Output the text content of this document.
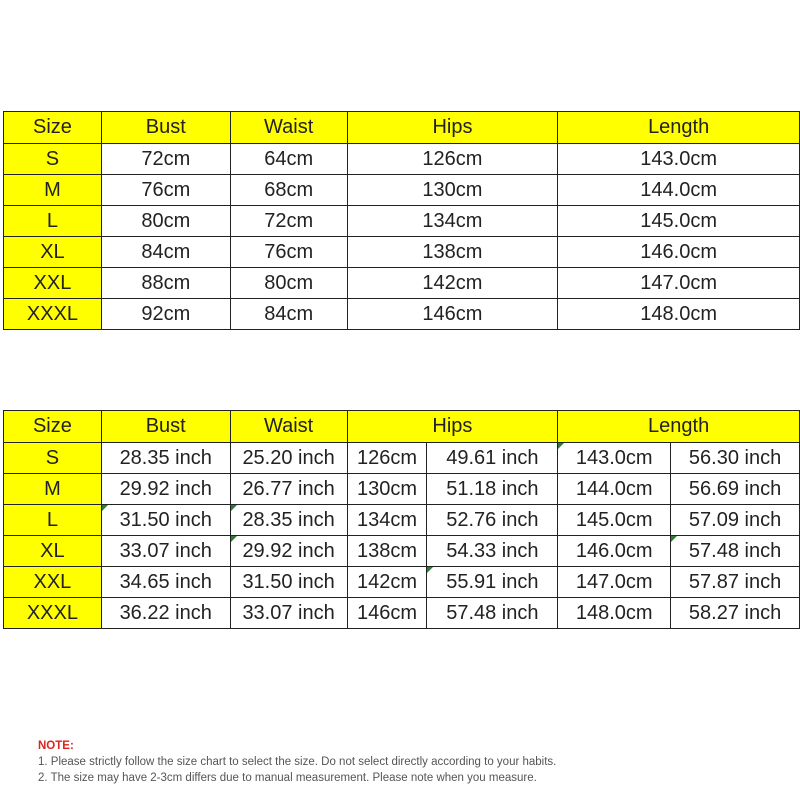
Size	Bust	Waist	Hips	Length
S	72cm	64cm	126cm	143.0cm
M	76cm	68cm	130cm	144.0cm
L	80cm	72cm	134cm	145.0cm
XL	84cm	76cm	138cm	146.0cm
XXL	88cm	80cm	142cm	147.0cm
XXXL	92cm	84cm	146cm	148.0cm
Size	Bust	Waist	Hips		Length	
S	28.35 inch	25.20 inch	126cm	49.61 inch	143.0cm	56.30 inch
M	29.92 inch	26.77 inch	130cm	51.18 inch	144.0cm	56.69 inch
L	31.50 inch	28.35 inch	134cm	52.76 inch	145.0cm	57.09 inch
XL	33.07 inch	29.92 inch	138cm	54.33 inch	146.0cm	57.48 inch
XXL	34.65 inch	31.50 inch	142cm	55.91 inch	147.0cm	57.87 inch
XXXL	36.22 inch	33.07 inch	146cm	57.48 inch	148.0cm	58.27 inch
NOTE:
1. Please strictly follow the size chart to select the size. Do not select directly according to your habits.
2. The size may have 2-3cm differs due to manual measurement. Please note when you measure.
